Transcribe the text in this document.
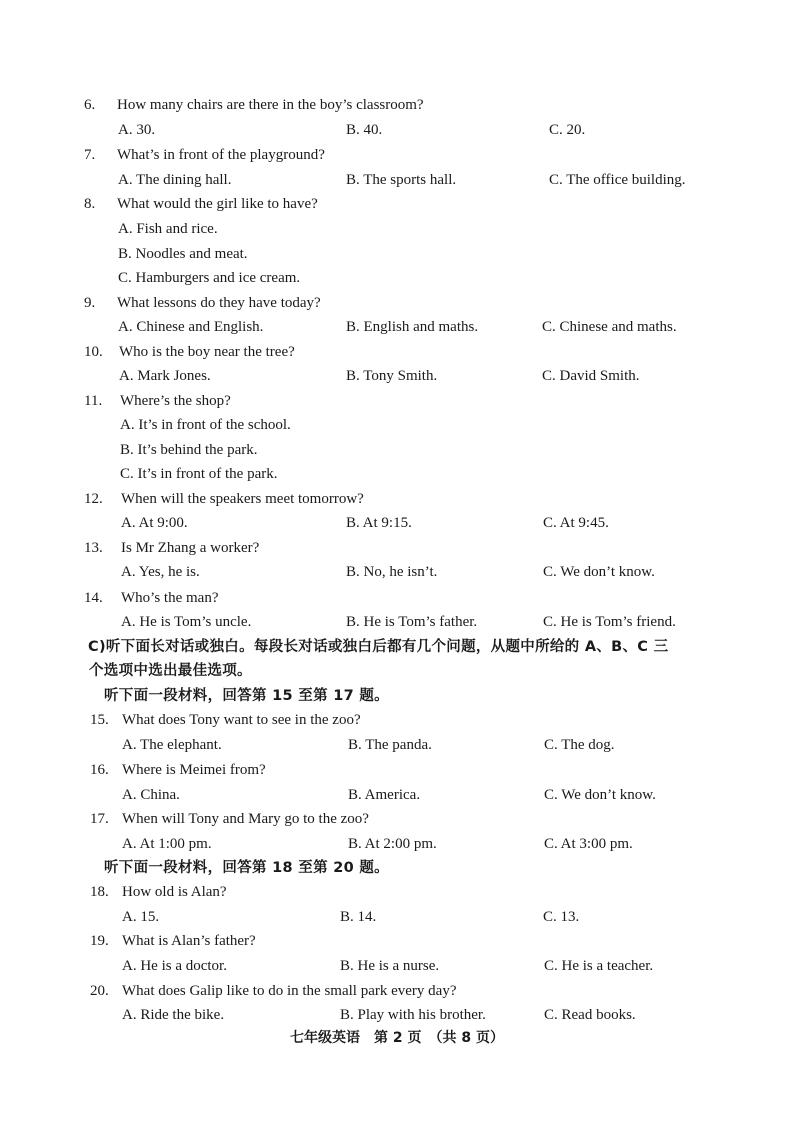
6.	How many chairs are there in the boy’s classroom?
A. 30.	B. 40.	C. 20.
7.	What’s in front of the playground?
A. The dining hall.	B. The sports hall.	C. The office building.
8.	What would the girl like to have?
A. Fish and rice.
B. Noodles and meat.
C. Hamburgers and ice cream.
9.	What lessons do they have today?
A. Chinese and English.	B. English and maths.	C. Chinese and maths.
10.	Who is the boy near the tree?
A. Mark Jones.	B. Tony Smith.	C. David Smith.
11.	Where’s the shop?
A. It’s in front of the school.
B. It’s behind the park.
C. It’s in front of the park.
12.	When will the speakers meet tomorrow?
A. At 9:00.	B. At 9:15.	C. At 9:45.
13.	Is Mr Zhang a worker?
A. Yes, he is.	B. No, he isn’t.	C. We don’t know.
14.	Who’s the man?
A. He is Tom’s uncle.	B. He is Tom’s father.	C. He is Tom’s friend.
C)听下面长对话或独白。每段长对话或独白后都有几个问题，从题中所给的 A、B、C 三
个选项中选出最佳选项。
听下面一段材料，回答第 15 至第 17 题。
15. What does Tony want to see in the zoo?
A. The elephant.	B. The panda.	C. The dog.
16. Where is Meimei from?
A. China.	B. America.	C. We don’t know.
17. When will Tony and Mary go to the zoo?
A. At 1:00 pm.	B. At 2:00 pm.	C. At 3:00 pm.
听下面一段材料，回答第 18 至第 20 题。
18. How old is Alan?
A. 15.	B. 14.	C. 13.
19. What is Alan’s father?
A. He is a doctor.	B. He is a nurse.	C. He is a teacher.
20. What does Galip like to do in the small park every day?
A. Ride the bike.	B. Play with his brother.	C. Read books.
七年级英语　第 2 页　（共 8 页）
